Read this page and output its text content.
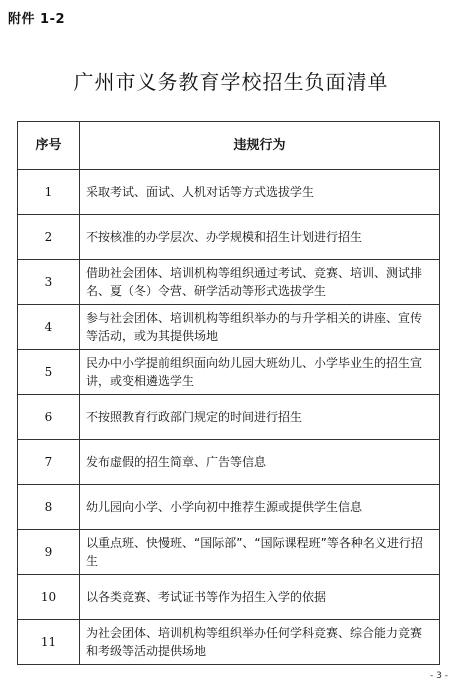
附件 1-2
广州市义务教育学校招生负面清单
序号	违规行为
1	采取考试、面试、人机对话等方式选拔学生
2	不按核准的办学层次、办学规模和招生计划进行招生
3	借助社会团体、培训机构等组织通过考试、竞赛、培训、测试排名、夏（冬）令营、研学活动等形式选拔学生
4	参与社会团体、培训机构等组织举办的与升学相关的讲座、宣传等活动，或为其提供场地
5	民办中小学提前组织面向幼儿园大班幼儿、小学毕业生的招生宣讲，或变相遴选学生
6	不按照教育行政部门规定的时间进行招生
7	发布虚假的招生简章、广告等信息
8	幼儿园向小学、小学向初中推荐生源或提供学生信息
9	以重点班、快慢班、“国际部”、“国际课程班”等各种名义进行招生
10	以各类竞赛、考试证书等作为招生入学的依据
11	为社会团体、培训机构等组织举办任何学科竞赛、综合能力竞赛和考级等活动提供场地
- 3 -
